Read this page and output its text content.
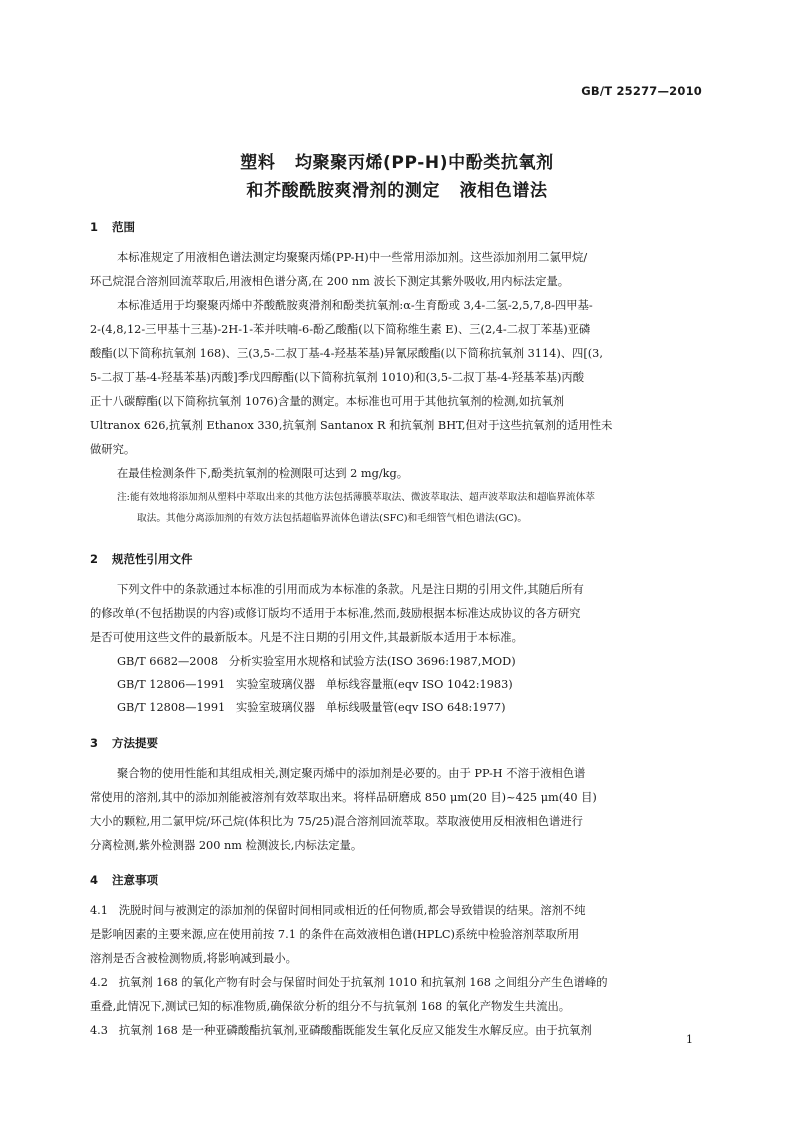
GB/T 25277—2010
塑料   均聚聚丙烯(PP-H)中酚类抗氧剂
和芥酸酰胺爽滑剂的测定   液相色谱法
1 范围
本标准规定了用液相色谱法测定均聚聚丙烯(PP-H)中一些常用添加剂。这些添加剂用二氯甲烷/
环己烷混合溶剂回流萃取后,用液相色谱分离,在 200 nm 波长下测定其紫外吸收,用内标法定量。
本标准适用于均聚聚丙烯中芥酸酰胺爽滑剂和酚类抗氧剂:α-生育酚或 3,4-二氢-2,5,7,8-四甲基-
2-(4,8,12-三甲基十三基)-2H-1-苯并呋喃-6-酚乙酸酯(以下简称维生素 E)、三(2,4-二叔丁苯基)亚磷
酸酯(以下简称抗氧剂 168)、三(3,5-二叔丁基-4-羟基苯基)异氰尿酸酯(以下简称抗氧剂 3114)、四[(3,
5-二叔丁基-4-羟基苯基)丙酸]季戊四醇酯(以下简称抗氧剂 1010)和(3,5-二叔丁基-4-羟基苯基)丙酸
正十八碳醇酯(以下简称抗氧剂 1076)含量的测定。本标准也可用于其他抗氧剂的检测,如抗氧剂
Ultranox 626,抗氧剂 Ethanox 330,抗氧剂 Santanox R 和抗氧剂 BHT,但对于这些抗氧剂的适用性未
做研究。
在最佳检测条件下,酚类抗氧剂的检测限可达到 2 mg/kg。
注:能有效地将添加剂从塑料中萃取出来的其他方法包括薄膜萃取法、微波萃取法、超声波萃取法和超临界流体萃
取法。其他分离添加剂的有效方法包括超临界流体色谱法(SFC)和毛细管气相色谱法(GC)。
2 规范性引用文件
下列文件中的条款通过本标准的引用而成为本标准的条款。凡是注日期的引用文件,其随后所有
的修改单(不包括勘误的内容)或修订版均不适用于本标准,然而,鼓励根据本标准达成协议的各方研究
是否可使用这些文件的最新版本。凡是不注日期的引用文件,其最新版本适用于本标准。
GB/T 6682—2008   分析实验室用水规格和试验方法(ISO 3696:1987,MOD)
GB/T 12806—1991   实验室玻璃仪器   单标线容量瓶(eqv ISO 1042:1983)
GB/T 12808—1991   实验室玻璃仪器   单标线吸量管(eqv ISO 648:1977)
3 方法提要
聚合物的使用性能和其组成相关,测定聚丙烯中的添加剂是必要的。由于 PP-H 不溶于液相色谱
常使用的溶剂,其中的添加剂能被溶剂有效萃取出来。将样品研磨成 850 μm(20 目)~425 μm(40 目)
大小的颗粒,用二氯甲烷/环己烷(体积比为 75/25)混合溶剂回流萃取。萃取液使用反相液相色谱进行
分离检测,紫外检测器 200 nm 检测波长,内标法定量。
4 注意事项
4.1   洗脱时间与被测定的添加剂的保留时间相同或相近的任何物质,都会导致错误的结果。溶剂不纯
是影响因素的主要来源,应在使用前按 7.1 的条件在高效液相色谱(HPLC)系统中检验溶剂萃取所用
溶剂是否含被检测物质,将影响减到最小。
4.2   抗氧剂 168 的氧化产物有时会与保留时间处于抗氧剂 1010 和抗氧剂 168 之间组分产生色谱峰的
重叠,此情况下,测试已知的标准物质,确保欲分析的组分不与抗氧剂 168 的氧化产物发生共流出。
4.3   抗氧剂 168 是一种亚磷酸酯抗氧剂,亚磷酸酯既能发生氧化反应又能发生水解反应。由于抗氧剂
1
